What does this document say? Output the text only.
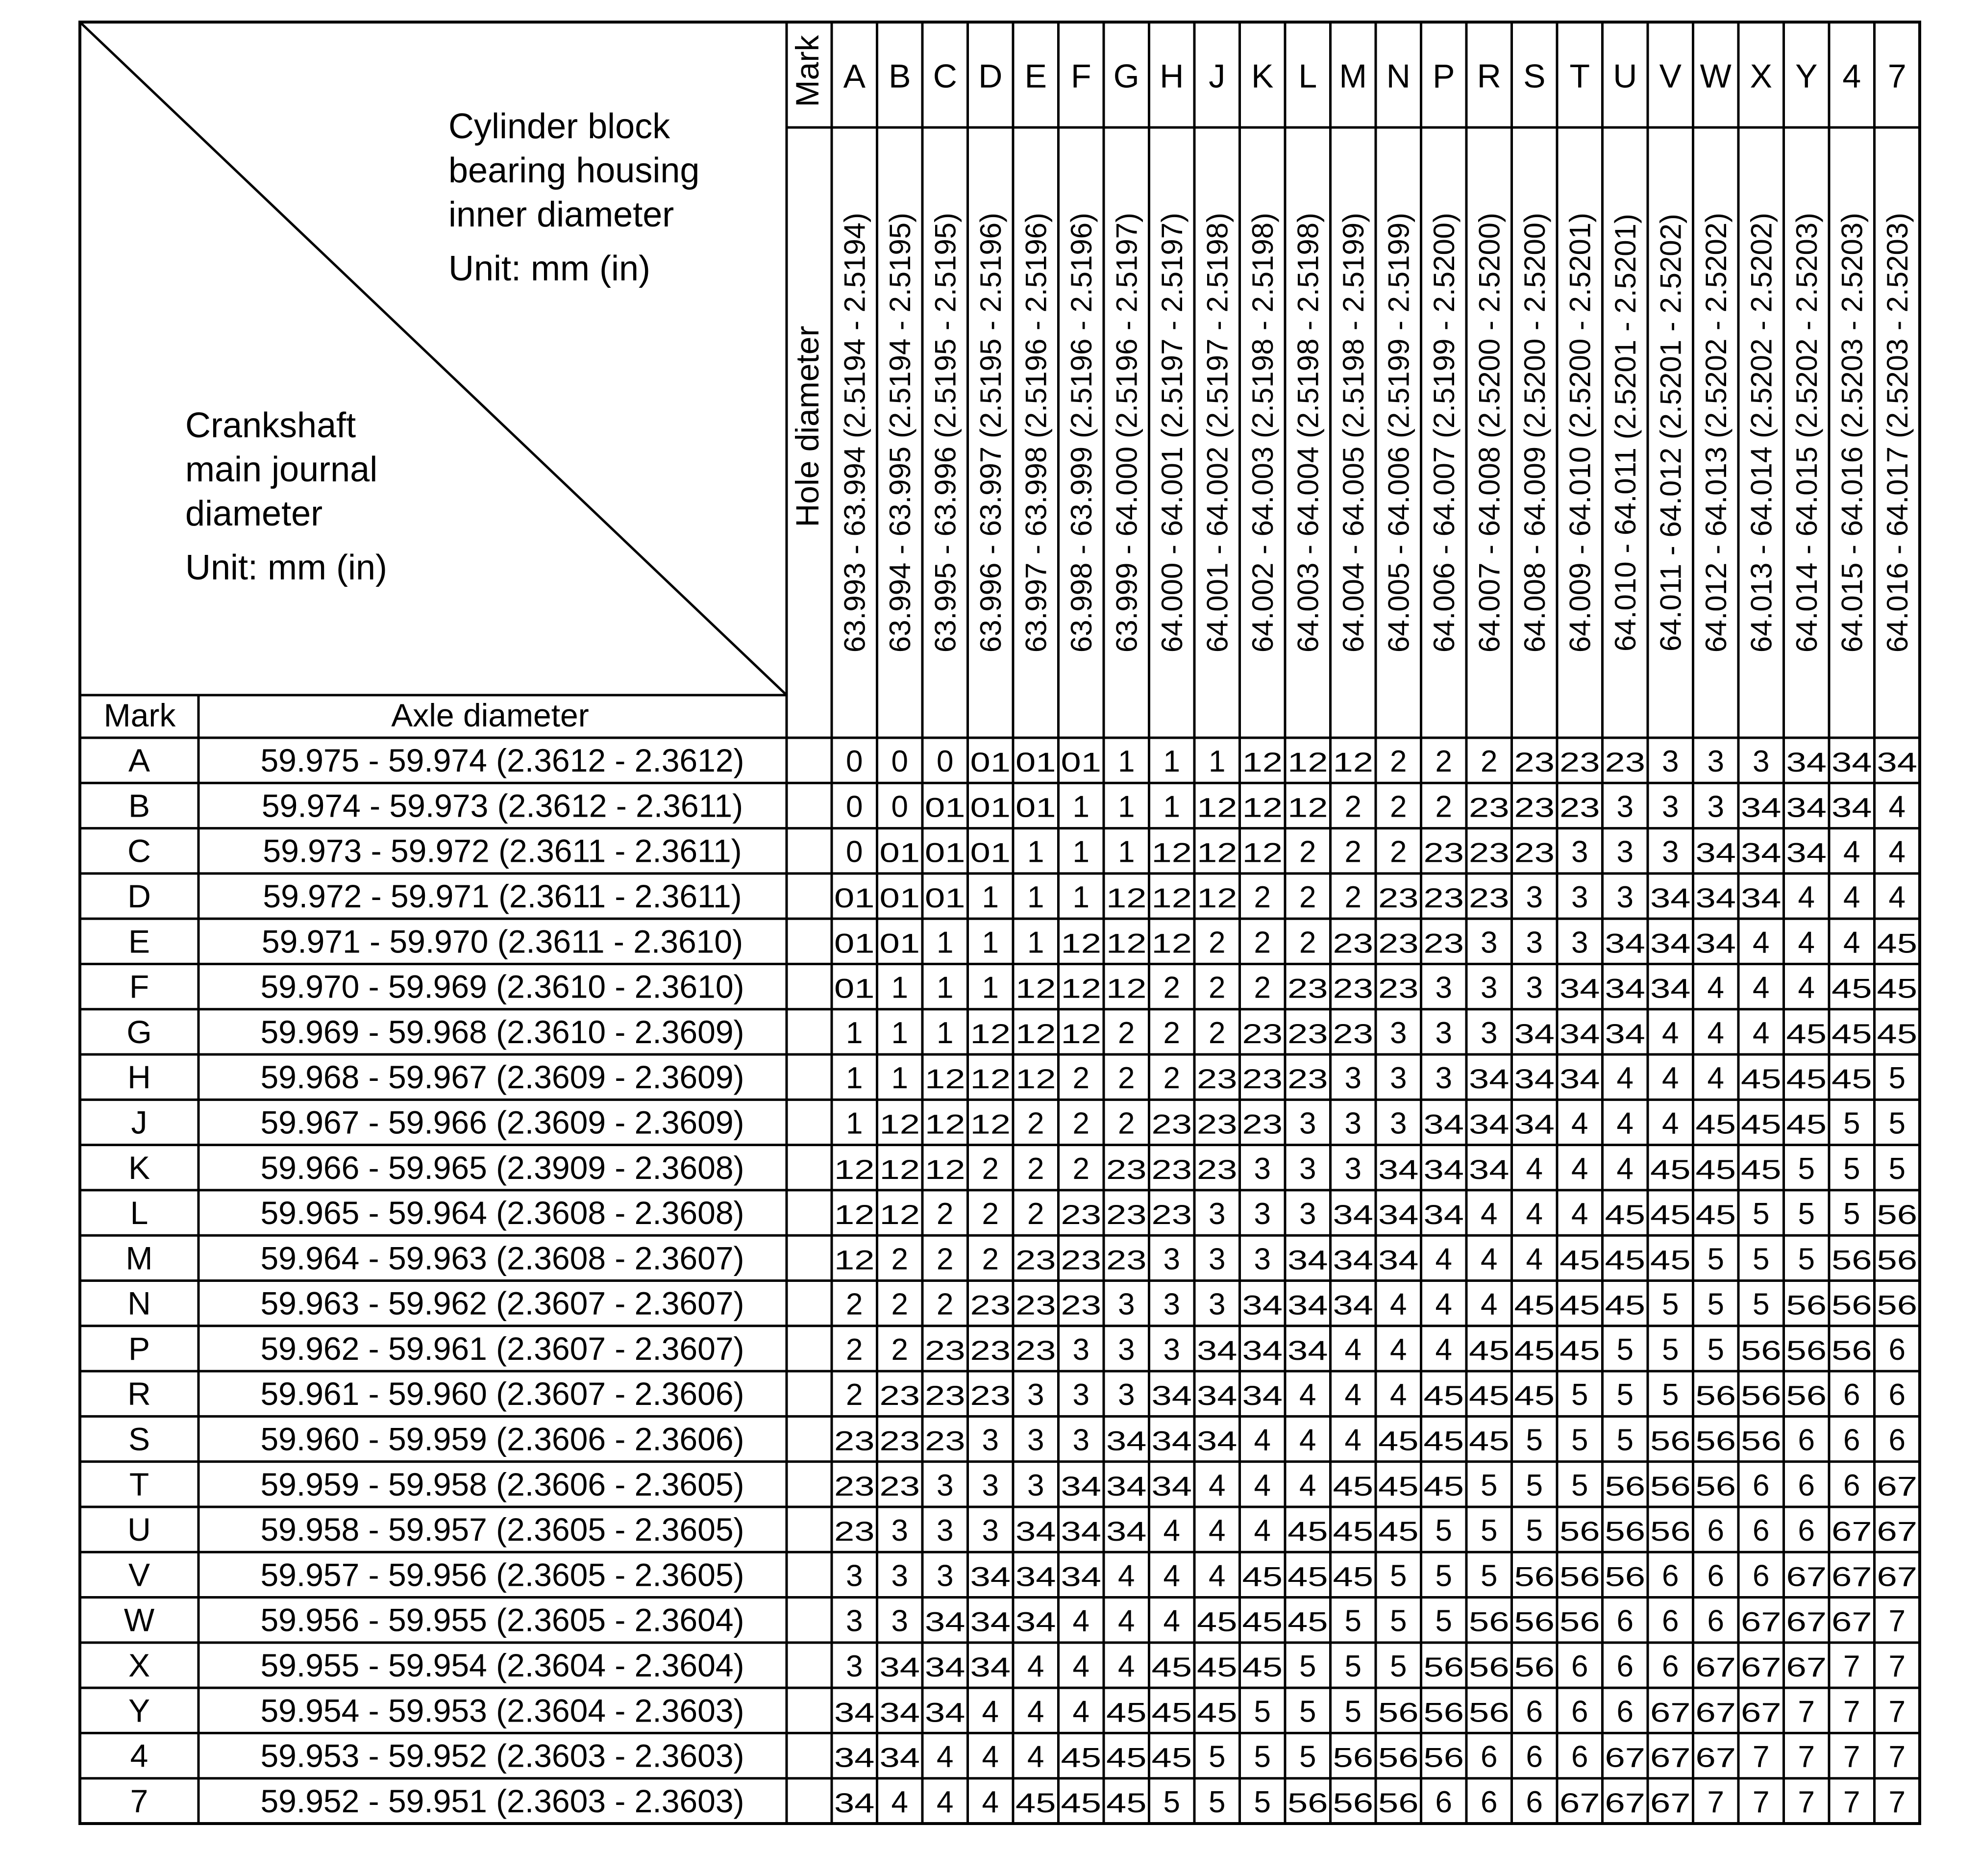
Cylinder block
bearing housing
inner diameter
Unit: mm (in)
Crankshaft
main journal
diameter
Unit: mm (in)
Mark
Hole diameter
Mark	Axle diameter
A B C D E F G H J K L M N P R S T U V W X Y 4 7
63.993 - 63.994 (2.5194 - 2.5194) 63.994 - 63.995 (2.5194 - 2.5195) 63.995 - 63.996 (2.5195 - 2.5195) 63.996 - 63.997 (2.5195 - 2.5196) 63.997 - 63.998 (2.5196 - 2.5196) 63.998 - 63.999 (2.5196 - 2.5196) 63.999 - 64.000 (2.5196 - 2.5197) 64.000 - 64.001 (2.5197 - 2.5197) 64.001 - 64.002 (2.5197 - 2.5198) 64.002 - 64.003 (2.5198 - 2.5198) 64.003 - 64.004 (2.5198 - 2.5198) 64.004 - 64.005 (2.5198 - 2.5199) 64.005 - 64.006 (2.5199 - 2.5199) 64.006 - 64.007 (2.5199 - 2.5200) 64.007 - 64.008 (2.5200 - 2.5200) 64.008 - 64.009 (2.5200 - 2.5200) 64.009 - 64.010 (2.5200 - 2.5201) 64.010 - 64.011 (2.5201 - 2.5201) 64.011 - 64.012 (2.5201 - 2.5202) 64.012 - 64.013 (2.5202 - 2.5202) 64.013 - 64.014 (2.5202 - 2.5202) 64.014 - 64.015 (2.5202 - 2.5203) 64.015 - 64.016 (2.5203 - 2.5203) 64.016 - 64.017 (2.5203 - 2.5203)
A
B
C
D
E
F
G
H
J
K
L
M
N
P
R
S
T
U
V
W
X
Y
4
7
59.975 - 59.974 (2.3612 - 2.3612)
59.974 - 59.973 (2.3612 - 2.3611)
59.973 - 59.972 (2.3611 - 2.3611)
59.972 - 59.971 (2.3611 - 2.3611)
59.971 - 59.970 (2.3611 - 2.3610)
59.970 - 59.969 (2.3610 - 2.3610)
59.969 - 59.968 (2.3610 - 2.3609)
59.968 - 59.967 (2.3609 - 2.3609)
59.967 - 59.966 (2.3609 - 2.3609)
59.966 - 59.965 (2.3909 - 2.3608)
59.965 - 59.964 (2.3608 - 2.3608)
59.964 - 59.963 (2.3608 - 2.3607)
59.963 - 59.962 (2.3607 - 2.3607)
59.962 - 59.961 (2.3607 - 2.3607)
59.961 - 59.960 (2.3607 - 2.3606)
59.960 - 59.959 (2.3606 - 2.3606)
59.959 - 59.958 (2.3606 - 2.3605)
59.958 - 59.957 (2.3605 - 2.3605)
59.957 - 59.956 (2.3605 - 2.3605)
59.956 - 59.955 (2.3605 - 2.3604)
59.955 - 59.954 (2.3604 - 2.3604)
59.954 - 59.953 (2.3604 - 2.3603)
59.953 - 59.952 (2.3603 - 2.3603)
59.952 - 59.951 (2.3603 - 2.3603)
0 0 0 01 01 01 1 1 1 12 12 12 2 2 2 23 23 23 3 3 3 34 34 34
0 0 01 01 01 1 1 1 12 12 12 2 2 2 23 23 23 3 3 3 34 34 34 4
0 01 01 01 1 1 1 12 12 12 2 2 2 23 23 23 3 3 3 34 34 34 4 4
01 01 01 1 1 1 12 12 12 2 2 2 23 23 23 3 3 3 34 34 34 4 4 4
01 01 1 1 1 12 12 12 2 2 2 23 23 23 3 3 3 34 34 34 4 4 4 45
01 1 1 1 12 12 12 2 2 2 23 23 23 3 3 3 34 34 34 4 4 4 45 45
1 1 1 12 12 12 2 2 2 23 23 23 3 3 3 34 34 34 4 4 4 45 45 45
1 1 12 12 12 2 2 2 23 23 23 3 3 3 34 34 34 4 4 4 45 45 45 5
1 12 12 12 2 2 2 23 23 23 3 3 3 34 34 34 4 4 4 45 45 45 5 5
12 12 12 2 2 2 23 23 23 3 3 3 34 34 34 4 4 4 45 45 45 5 5 5
12 12 2 2 2 23 23 23 3 3 3 34 34 34 4 4 4 45 45 45 5 5 5 56
12 2 2 2 23 23 23 3 3 3 34 34 34 4 4 4 45 45 45 5 5 5 56 56
2 2 2 23 23 23 3 3 3 34 34 34 4 4 4 45 45 45 5 5 5 56 56 56
2 2 23 23 23 3 3 3 34 34 34 4 4 4 45 45 45 5 5 5 56 56 56 6
2 23 23 23 3 3 3 34 34 34 4 4 4 45 45 45 5 5 5 56 56 56 6 6
23 23 23 3 3 3 34 34 34 4 4 4 45 45 45 5 5 5 56 56 56 6 6 6
23 23 3 3 3 34 34 34 4 4 4 45 45 45 5 5 5 56 56 56 6 6 6 67
23 3 3 3 34 34 34 4 4 4 45 45 45 5 5 5 56 56 56 6 6 6 67 67
3 3 3 34 34 34 4 4 4 45 45 45 5 5 5 56 56 56 6 6 6 67 67 67
3 3 34 34 34 4 4 4 45 45 45 5 5 5 56 56 56 6 6 6 67 67 67 7
3 34 34 34 4 4 4 45 45 45 5 5 5 56 56 56 6 6 6 67 67 67 7 7
34 34 34 4 4 4 45 45 45 5 5 5 56 56 56 6 6 6 67 67 67 7 7 7
34 34 4 4 4 45 45 45 5 5 5 56 56 56 6 6 6 67 67 67 7 7 7 7
34 4 4 4 45 45 45 5 5 5 56 56 56 6 6 6 67 67 67 7 7 7 7 7
